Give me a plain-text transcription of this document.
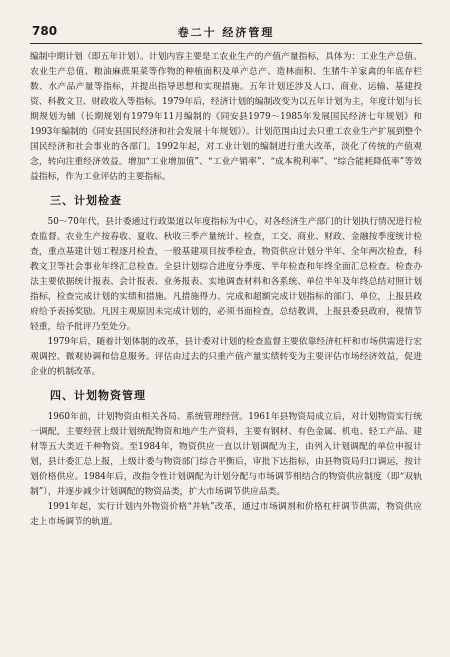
780	卷二十 经济管理

编制中期计划（即五年计划）。计划内容主要是工农业生产的产值产量指标，具体为：工业生产总值、农业生产总值、粮油麻蔗果菜等作物的种植面积及单产总产、造林面积、生猪牛羊家禽的年底存栏数、水产品产量等指标，并提出指导思想和实现措施。五年计划还涉及人口、商业、运输、基建投资、科教文卫、财政收入等指标。1979年后，经济计划的编制改变为以五年计划为主，年度计划与长期规划为辅（长期规划有1979年11月编制的《同安县1979～1985年发展国民经济七年规划》和1993年编制的《同安县国民经济和社会发展十年规划》）。计划范围由过去只重工农业生产扩展到整个国民经济和社会事业的各部门。1992年起，对工业计划的编制进行重大改革，淡化了传统的产值观念，转向注重经济效益。增加“工业增加值”、“工业产销率”、“成本税利率”、“综合能耗降低率”等效益指标，作为工业评估的主要指标。

三、计划检查

50～70年代，县计委通过行政渠道以年度指标为中心，对各经济生产部门的计划执行情况进行检查监督。农业生产按春收、夏收、秋收三季产量统计、检查，工交、商业、财政、金融按季度统计检查，重点基建计划工程逐月检查，一般基建项目按季检查，物资供应计划分半年、全年两次检查，科教文卫等社会事业年终汇总检查。全县计划综合进度分季度、半年检查和年终全面汇总检查。检查办法主要依据统计报表、会计报表、业务报表、实地调查材料和各系统、单位半年及年终总结对照计划指标，检查完成计划的实绩和措施。凡措施得力、完成和超额完成计划指标的部门、单位，上报县政府给予表扬奖励。凡因主观原因未完成计划的，必须书面检查，总结教训，上报县委县政府，视情节轻重，给予批评乃至处分。

1979年后，随着计划体制的改革，县计委对计划的检查监督主要依靠经济杠杆和市场供需进行宏观调控、微观协调和信息服务。评估由过去的只重产值产量实绩转变为主要评估市场经济效益，促进企业的机制改革。

四、计划物资管理

1960年前，计划物资由相关各局、系统管理经营。1961年县物资局成立后，对计划物资实行统一调配，主要经营上级计划统配物资和地产生产资料，主要有钢材、有色金属、机电、轻工产品、建材等五大类近千种物资。至1984年，物资供应一直以计划调配为主，由列入计划调配的单位申报计划，县计委汇总上报，上级计委与物资部门综合平衡后，审批下达指标，由县物资局归口调运，按计划价格供应。1984年后，改指令性计划调配为计划分配与市场调节相结合的物资供应制度（即“双轨制”），并逐步减少计划调配的物资品类，扩大市场调节供应品类。

1991年起，实行计划内外物资价格“并轨”改革，通过市场调剂和价格杠杆调节供需，物资供应走上市场调节的轨道。
